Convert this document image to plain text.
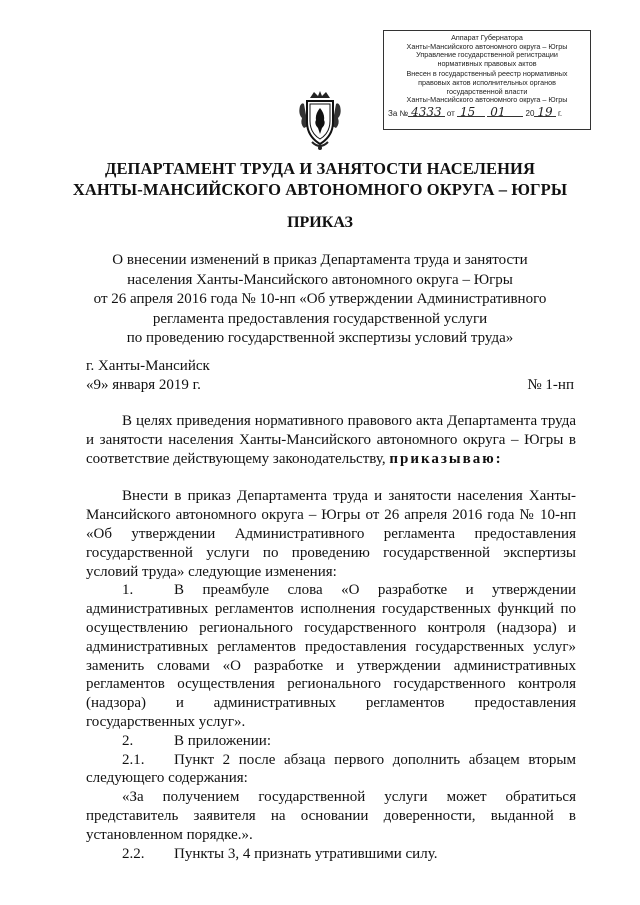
Аппарат Губернатора
Ханты-Мансийского автономного округа – Югры
Управление государственной регистрации
нормативных правовых актов
Внесен в государственный реестр нормативных
правовых актов исполнительных органов
государственной власти
Ханты-Мансийского автономного округа – Югры
За № 4333 от 15 01 20 19 г.
ДЕПАРТАМЕНТ ТРУДА И ЗАНЯТОСТИ НАСЕЛЕНИЯ
ХАНТЫ-МАНСИЙСКОГО АВТОНОМНОГО ОКРУГА – ЮГРЫ
ПРИКАЗ
О внесении изменений в приказ Департамента труда и занятости
населения Ханты-Мансийского автономного округа – Югры
от 26 апреля 2016 года № 10-нп «Об утверждении Административного
регламента предоставления государственной услуги
по проведению государственной экспертизы условий труда»
г. Ханты-Мансийск
«9» января 2019 г.	№ 1-нп

В целях приведения нормативного правового акта Департамента труда и занятости населения Ханты-Мансийского автономного округа – Югры в соответствие действующему законодательству, приказываю:

Внести в приказ Департамента труда и занятости населения Ханты-Мансийского автономного округа – Югры от 26 апреля 2016 года № 10-нп «Об утверждении Административного регламента предоставления государственной услуги по проведению государственной экспертизы условий труда» следующие изменения:

1.	В преамбуле слова «О разработке и утверждении административных регламентов исполнения государственных функций по осуществлению регионального государственного контроля (надзора) и административных регламентов предоставления государственных услуг» заменить словами «О разработке и утверждении административных регламентов осуществления регионального государственного контроля (надзора) и административных регламентов предоставления государственных услуг».

2.	В приложении:

2.1. Пункт 2 после абзаца первого дополнить абзацем вторым следующего содержания:

«За получением государственной услуги может обратиться представитель заявителя на основании доверенности, выданной в установленном порядке.».

2.2. Пункты 3, 4 признать утратившими силу.
